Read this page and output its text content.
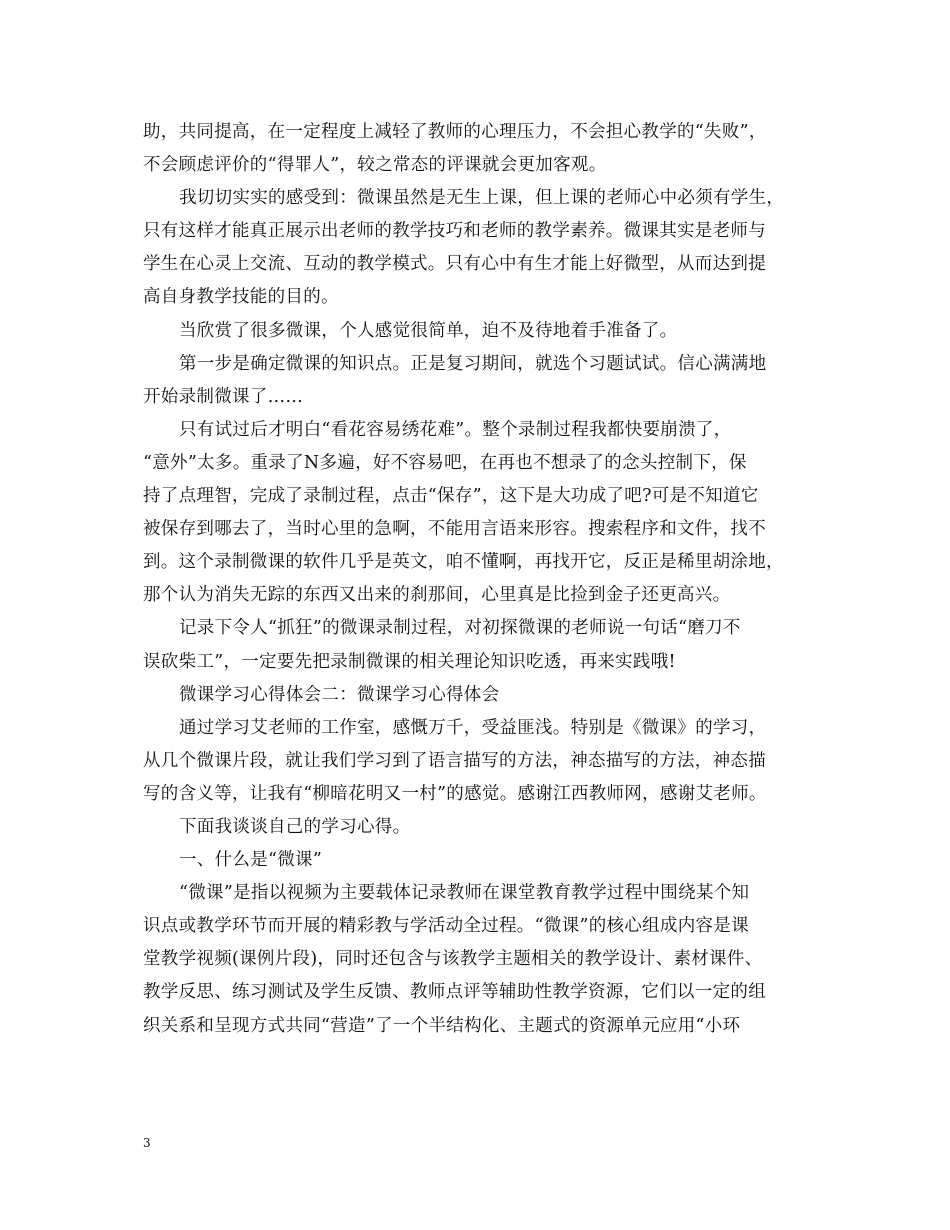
助，共同提高，在一定程度上减轻了教师的心理压力，不会担心教学的“失败”，
不会顾虑评价的“得罪人”，较之常态的评课就会更加客观。
我切切实实的感受到：微课虽然是无生上课，但上课的老师心中必须有学生，
只有这样才能真正展示出老师的教学技巧和老师的教学素养。微课其实是老师与
学生在心灵上交流、互动的教学模式。只有心中有生才能上好微型，从而达到提
高自身教学技能的目的。
当欣赏了很多微课，个人感觉很简单，迫不及待地着手准备了。
第一步是确定微课的知识点。正是复习期间，就选个习题试试。信心满满地
开始录制微课了……
只有试过后才明白“看花容易绣花难”。整个录制过程我都快要崩溃了，
“意外”太多。重录了N多遍，好不容易吧，在再也不想录了的念头控制下，保
持了点理智，完成了录制过程，点击“保存”，这下是大功成了吧?可是不知道它
被保存到哪去了，当时心里的急啊，不能用言语来形容。搜索程序和文件，找不
到。这个录制微课的软件几乎是英文，咱不懂啊，再找开它，反正是稀里胡涂地，
那个认为消失无踪的东西又出来的刹那间，心里真是比捡到金子还更高兴。
记录下令人“抓狂”的微课录制过程，对初探微课的老师说一句话“磨刀不
误砍柴工”，一定要先把录制微课的相关理论知识吃透，再来实践哦!
微课学习心得体会二：微课学习心得体会
通过学习艾老师的工作室，感慨万千，受益匪浅。特别是《微课》的学习，
从几个微课片段，就让我们学习到了语言描写的方法，神态描写的方法，神态描
写的含义等，让我有“柳暗花明又一村”的感觉。感谢江西教师网，感谢艾老师。
下面我谈谈自己的学习心得。
一、什么是“微课”
“微课”是指以视频为主要载体记录教师在课堂教育教学过程中围绕某个知
识点或教学环节而开展的精彩教与学活动全过程。“微课”的核心组成内容是课
堂教学视频(课例片段)，同时还包含与该教学主题相关的教学设计、素材课件、
教学反思、练习测试及学生反馈、教师点评等辅助性教学资源，它们以一定的组
织关系和呈现方式共同“营造”了一个半结构化、主题式的资源单元应用“小环
3
